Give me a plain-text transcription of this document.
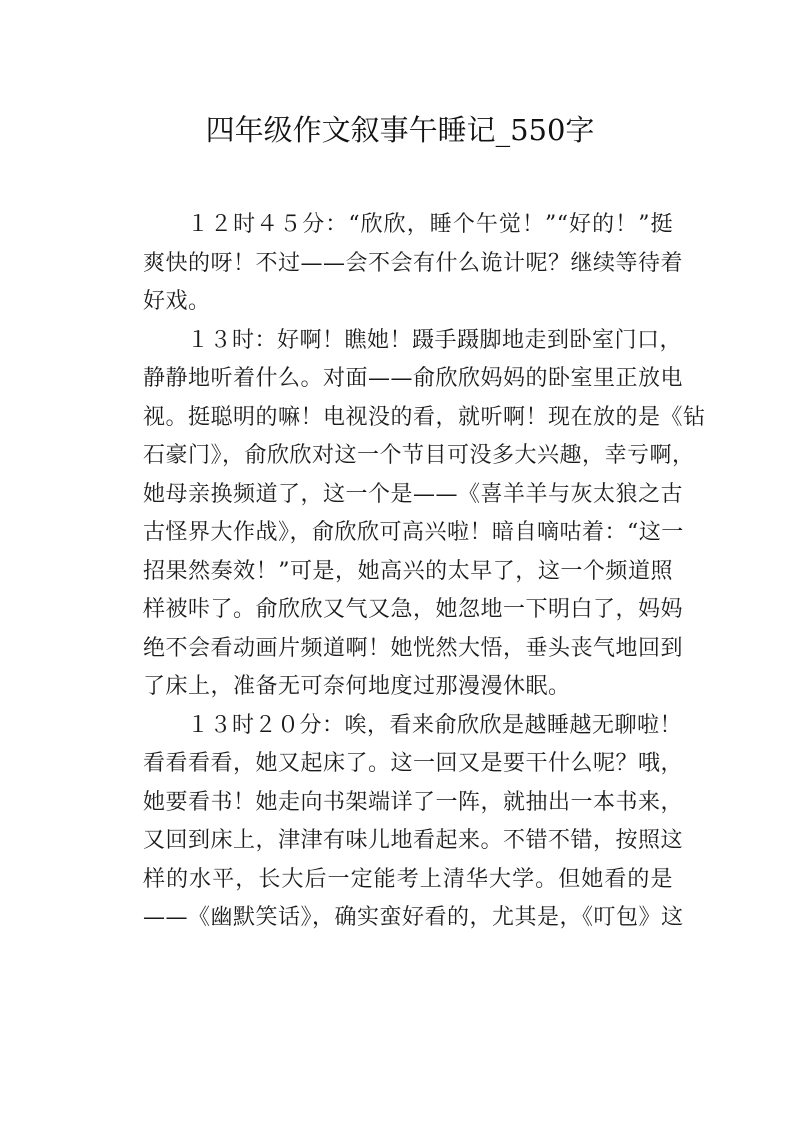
四年级作文叙事午睡记_550字
１２时４５分：“欣欣，睡个午觉！”“好的！”挺
爽快的呀！不过——会不会有什么诡计呢？继续等待着
好戏。
１３时：好啊！瞧她！蹑手蹑脚地走到卧室门口，
静静地听着什么。对面——俞欣欣妈妈的卧室里正放电
视。挺聪明的嘛！电视没的看，就听啊！现在放的是《钻
石豪门》，俞欣欣对这一个节目可没多大兴趣，幸亏啊，
她母亲换频道了，这一个是——《喜羊羊与灰太狼之古
古怪界大作战》，俞欣欣可高兴啦！暗自嘀咕着：“这一
招果然奏效！”可是，她高兴的太早了，这一个频道照
样被咔了。俞欣欣又气又急，她忽地一下明白了，妈妈
绝不会看动画片频道啊！她恍然大悟，垂头丧气地回到
了床上，准备无可奈何地度过那漫漫休眠。
１３时２０分：唉，看来俞欣欣是越睡越无聊啦！
看看看看，她又起床了。这一回又是要干什么呢？哦，
她要看书！她走向书架端详了一阵，就抽出一本书来，
又回到床上，津津有味儿地看起来。不错不错，按照这
样的水平，长大后一定能考上清华大学。但她看的是
——《幽默笑话》，确实蛮好看的，尤其是，《叮包》这
